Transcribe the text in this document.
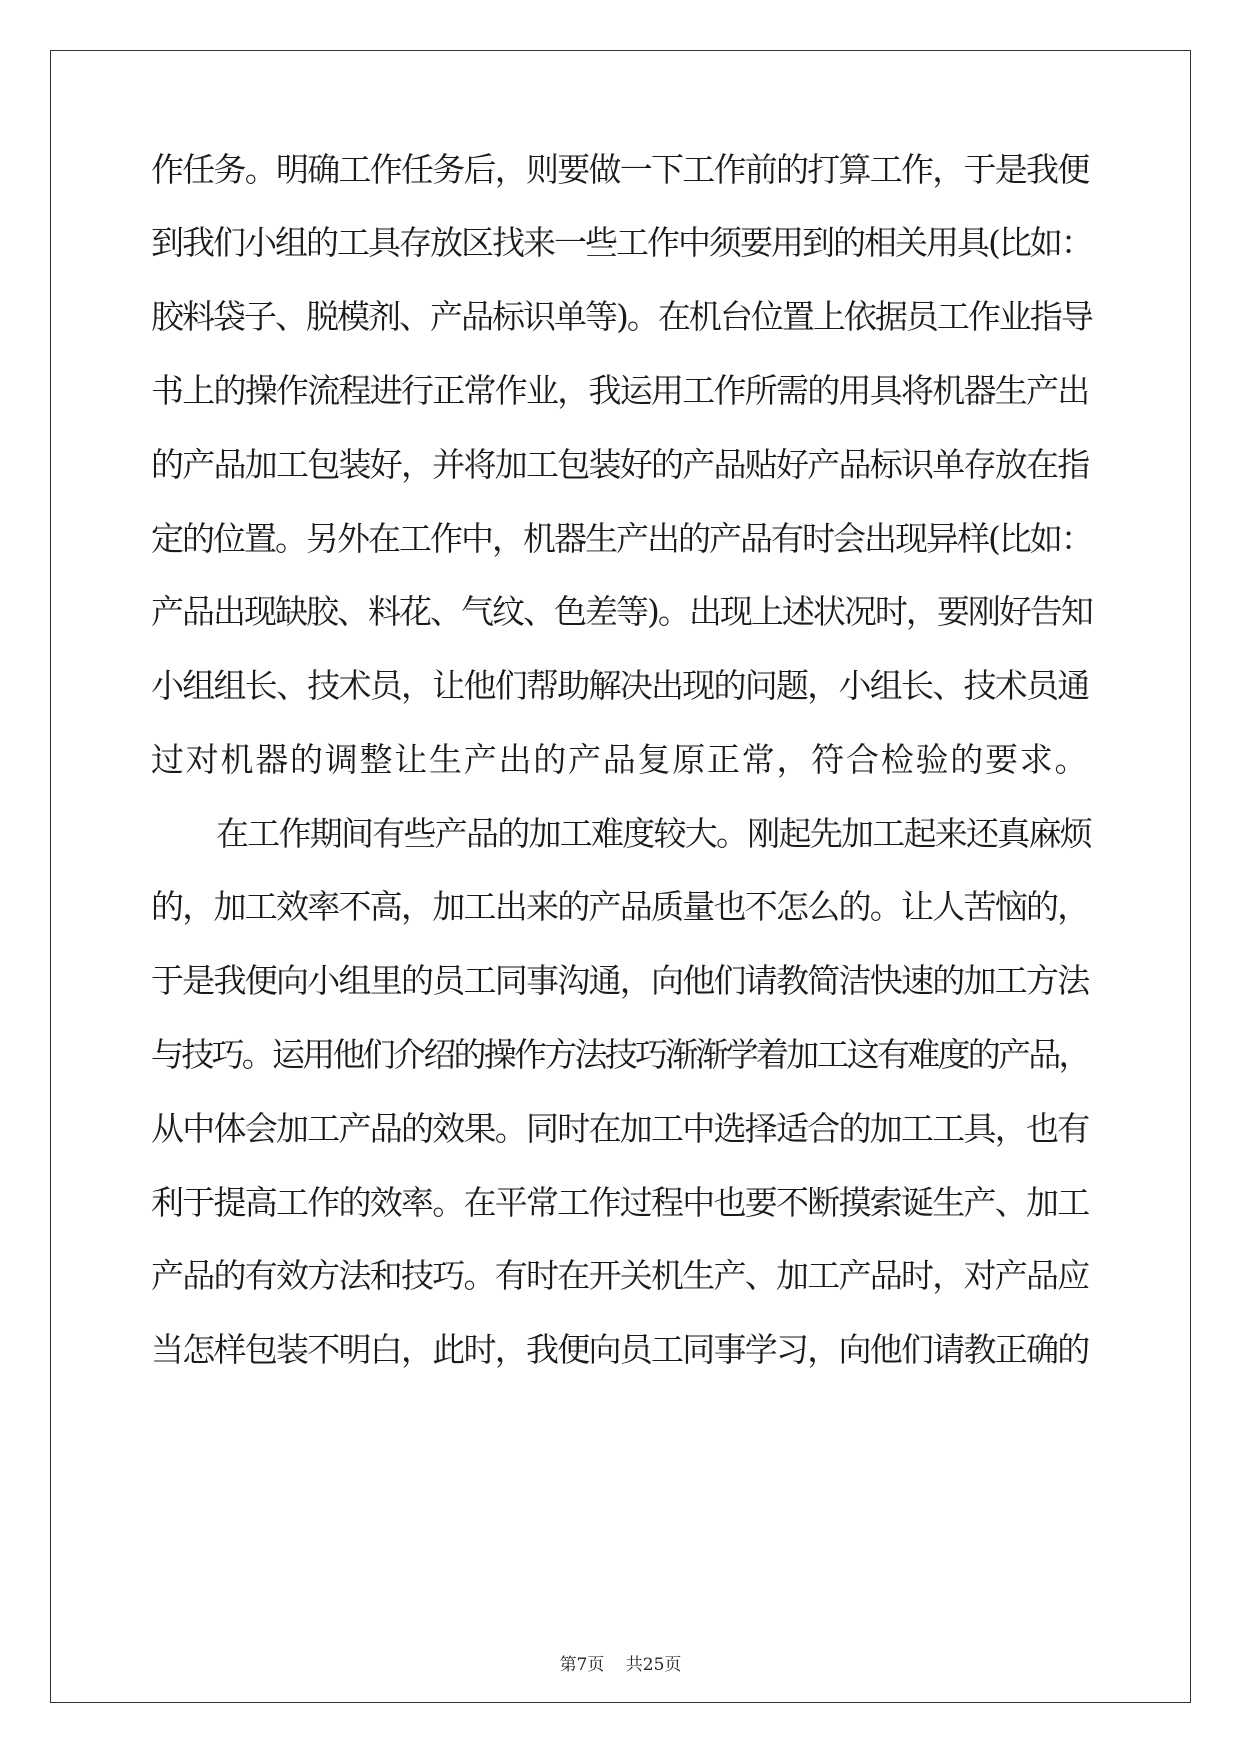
作任务。明确工作任务后，则要做一下工作前的打算工作，于是我便
到我们小组的工具存放区找来一些工作中须要用到的相关用具(比如：
胶料袋子、脱模剂、产品标识单等)。在机台位置上依据员工作业指导
书上的操作流程进行正常作业，我运用工作所需的用具将机器生产出
的产品加工包装好，并将加工包装好的产品贴好产品标识单存放在指
定的位置。另外在工作中，机器生产出的产品有时会出现异样(比如：
产品出现缺胶、料花、气纹、色差等)。出现上述状况时，要刚好告知
小组组长、技术员，让他们帮助解决出现的问题，小组长、技术员通
过对机器的调整让生产出的产品复原正常，符合检验的要求。
在工作期间有些产品的加工难度较大。刚起先加工起来还真麻烦
的，加工效率不高，加工出来的产品质量也不怎么的。让人苦恼的，
于是我便向小组里的员工同事沟通，向他们请教简洁快速的加工方法
与技巧。运用他们介绍的操作方法技巧渐渐学着加工这有难度的产品，
从中体会加工产品的效果。同时在加工中选择适合的加工工具，也有
利于提高工作的效率。在平常工作过程中也要不断摸索诞生产、加工
产品的有效方法和技巧。有时在开关机生产、加工产品时，对产品应
当怎样包装不明白，此时，我便向员工同事学习，向他们请教正确的
第7页 共25页
